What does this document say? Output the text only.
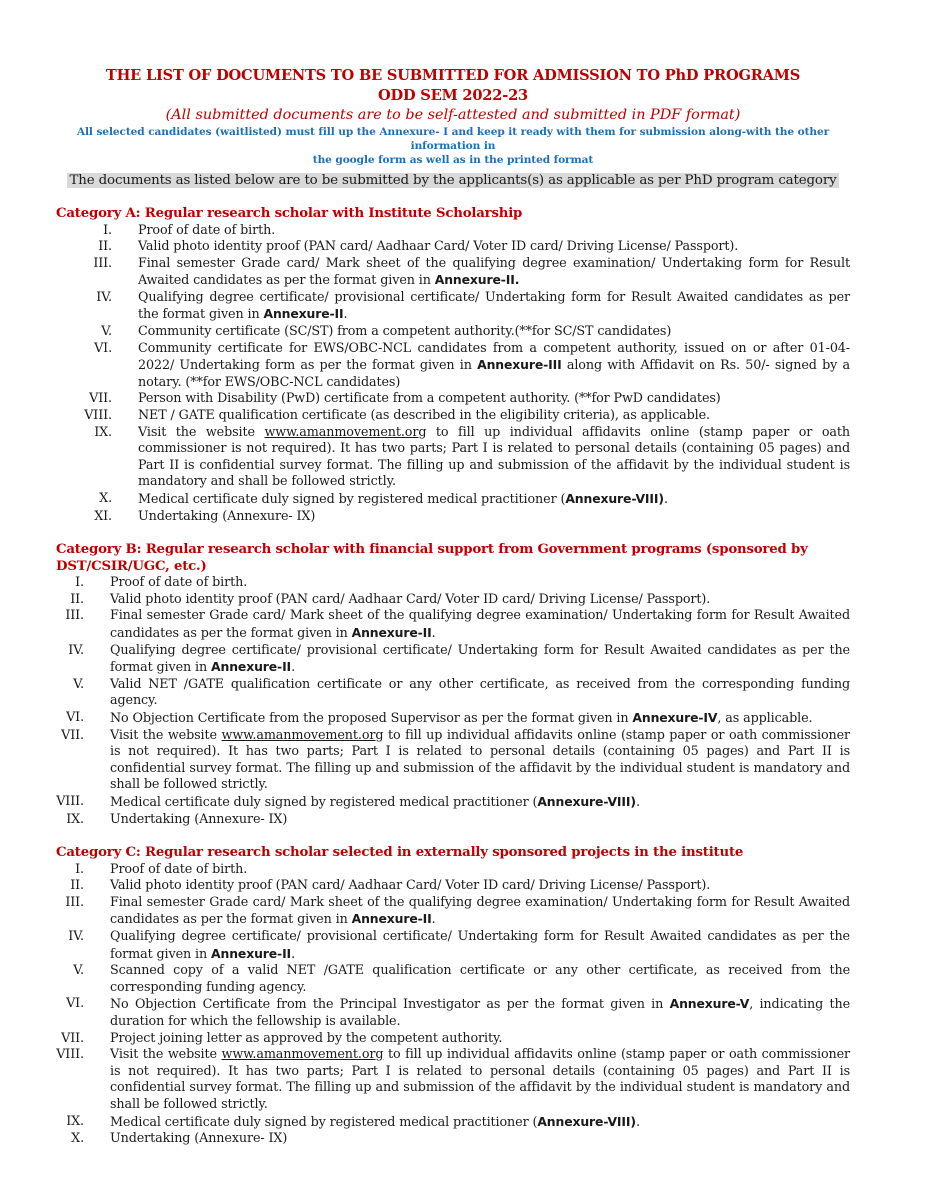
THE LIST OF DOCUMENTS TO BE SUBMITTED FOR ADMISSION TO PhD PROGRAMS
ODD SEM 2022-23
(All submitted documents are to be self-attested and submitted in PDF format)
All selected candidates (waitlisted) must fill up the Annexure- I and keep it ready with them for submission along-with the other information in
the google form as well as in the printed format
The documents as listed below are to be submitted by the applicants(s) as applicable as per PhD program category
Category A: Regular research scholar with Institute Scholarship
I. Proof of date of birth.
II. Valid photo identity proof (PAN card/ Aadhaar Card/ Voter ID card/ Driving License/ Passport).
III. Final semester Grade card/ Mark sheet of the qualifying degree examination/ Undertaking form for Result Awaited candidates as per the format given in Annexure-II.
IV. Qualifying degree certificate/ provisional certificate/ Undertaking form for Result Awaited candidates as per the format given in Annexure-II.
V. Community certificate (SC/ST) from a competent authority.(**for SC/ST candidates)
VI. Community certificate for EWS/OBC-NCL candidates from a competent authority, issued on or after 01-04-2022/ Undertaking form as per the format given in Annexure-III along with Affidavit on Rs. 50/- signed by a notary. (**for EWS/OBC-NCL candidates)
VII. Person with Disability (PwD) certificate from a competent authority. (**for PwD candidates)
VIII. NET / GATE qualification certificate (as described in the eligibility criteria), as applicable.
IX. Visit the website www.amanmovement.org to fill up individual affidavits online (stamp paper or oath commissioner is not required). It has two parts; Part I is related to personal details (containing 05 pages) and Part II is confidential survey format. The filling up and submission of the affidavit by the individual student is mandatory and shall be followed strictly.
X. Medical certificate duly signed by registered medical practitioner (Annexure-VIII).
XI. Undertaking (Annexure- IX)
Category B: Regular research scholar with financial support from Government programs (sponsored by DST/CSIR/UGC, etc.)
I. Proof of date of birth.
II. Valid photo identity proof (PAN card/ Aadhaar Card/ Voter ID card/ Driving License/ Passport).
III. Final semester Grade card/ Mark sheet of the qualifying degree examination/ Undertaking form for Result Awaited candidates as per the format given in Annexure-II.
IV. Qualifying degree certificate/ provisional certificate/ Undertaking form for Result Awaited candidates as per the format given in Annexure-II.
V. Valid NET /GATE qualification certificate or any other certificate, as received from the corresponding funding agency.
VI. No Objection Certificate from the proposed Supervisor as per the format given in Annexure-IV, as applicable.
VII. Visit the website www.amanmovement.org to fill up individual affidavits online (stamp paper or oath commissioner is not required). It has two parts; Part I is related to personal details (containing 05 pages) and Part II is confidential survey format. The filling up and submission of the affidavit by the individual student is mandatory and shall be followed strictly.
VIII. Medical certificate duly signed by registered medical practitioner (Annexure-VIII).
IX. Undertaking (Annexure- IX)
Category C: Regular research scholar selected in externally sponsored projects in the institute
I. Proof of date of birth.
II. Valid photo identity proof (PAN card/ Aadhaar Card/ Voter ID card/ Driving License/ Passport).
III. Final semester Grade card/ Mark sheet of the qualifying degree examination/ Undertaking form for Result Awaited candidates as per the format given in Annexure-II.
IV. Qualifying degree certificate/ provisional certificate/ Undertaking form for Result Awaited candidates as per the format given in Annexure-II.
V. Scanned copy of a valid NET /GATE qualification certificate or any other certificate, as received from the corresponding funding agency.
VI. No Objection Certificate from the Principal Investigator as per the format given in Annexure-V, indicating the duration for which the fellowship is available.
VII. Project joining letter as approved by the competent authority.
VIII. Visit the website www.amanmovement.org to fill up individual affidavits online (stamp paper or oath commissioner is not required). It has two parts; Part I is related to personal details (containing 05 pages) and Part II is confidential survey format. The filling up and submission of the affidavit by the individual student is mandatory and shall be followed strictly.
IX. Medical certificate duly signed by registered medical practitioner (Annexure-VIII).
X. Undertaking (Annexure- IX)
